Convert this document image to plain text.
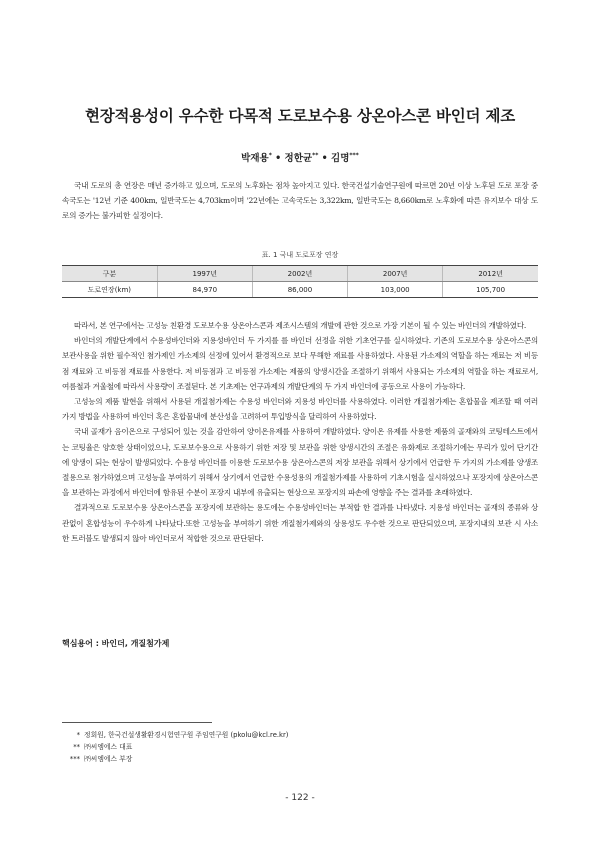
현장적용성이 우수한 다목적 도로보수용 상온아스콘 바인더 제조
박재용* • 정한균** • 김명***

국내 도로의 총 연장은 매년 증가하고 있으며, 도로의 노후화는 점차 높아지고 있다. 한국건설기술연구원에 따르면 20년 이상 노후된 도로 포장 중속국도는 '12년 기준 400km, 일반국도는 4,703km이며 '22년에는 고속국도는 3,322km, 일반국도는 8,660km로 노후화에 따른 유지보수 대상 도로의 증가는 불가피한 실정이다.

표. 1 국내 도로포장 연장
구분	1997년	2002년	2007년	2012년
도로연장(km)	84,970	86,000	103,000	105,700

따라서, 본 연구에서는 고성능 친환경 도로보수용 상온아스콘과 제조시스템의 개발에 관한 것으로 가장 기본이 될 수 있는 바인더의 개발하였다.

바인더의 개발단계에서 수용성바인더와 지용성바인더 두 가지를 를 바인더 선정을 위한 기초연구를 실시하였다. 기존의 도로보수용 상온아스콘의 보관사용을 위한 필수적인 첨가제인 가소제의 선정에 있어서 환경적으로 보다 무해한 재료를 사용하였다. 사용된 가소제의 역할을 하는 재료는 저 비등점 재료와 고 비등점 재료를 사용한다. 저 비등점과 고 비등점 가소제는 제품의 양생시간을 조절하기 위해서 사용되는 가소제의 역할을 하는 재료로서, 여름철과 겨울철에 따라서 사용량이 조절된다. 본 기초제는 연구과제의 개발단계의 두 가지 바인더에 공동으로 사용이 가능하다.

고성능의 제품 발현을 위해서 사용된 개질첨가제는 수용성 바인더와 지용성 바인더를 사용하였다. 이러한 개질첨가제는 혼합물을 제조할 때 여러 가지 방법을 사용하여 바인더 혹은 혼합물내에 분산성을 고려하여 투입방식을 달리하여 사용하였다.

국내 골재가 음이온으로 구성되어 있는 것을 감안하여 양이온유제를 사용하여 개발하였다. 양이온 유제를 사용한 제품의 골재와의 코팅테스트에서는 코팅율은 양호한 상태이었으나, 도로보수용으로 사용하기 위한 저장 및 보관을 위한 양생시간의 조절은 유화제로 조절하기에는 무리가 있어 단기간에 양생이 되는 현상이 발생되었다. 수용성 바인더를 이용한 도로보수용 상온아스콘의 저장 보관을 위해서 상기에서 언급한 두 가지의 가소제를 양생조절용으로 첨가하였으며 고성능을 부여하기 위해서 상기에서 언급한 수용성용의 개질첨가제를 사용하여 기초시험을 실시하였으나 포장지에 상온아스콘을 보관하는 과정에서 바인더에 함유된 수분이 포장지 내부에 유출되는 현상으로 포장지의 파손에 영향을 주는 결과를 초래하였다.

결과적으로 도로보수용 상온아스콘을 포장지에 보관하는 용도에는 수용성바인더는 부적합 한 결과를 나타냈다. 지용성 바인더는 골재의 종류와 상관없이 혼합성능이 우수하게 나타났다.또한 고성능을 부여하기 위한 개질첨가제와의 상용성도 우수한 것으로 판단되었으며, 포장지내의 보관 시 사소한 트러블도 발생되지 않아 바인더로서 적합한 것으로 판단된다.

핵심용어 : 바인더, 개질첨가제
* 정회원, 한국건설생활환경시험연구원 주임연구원 (pkolu@kcl.re.kr)
** ㈜씨엠에스 대표
*** ㈜씨엠에스 부장
- 122 -
